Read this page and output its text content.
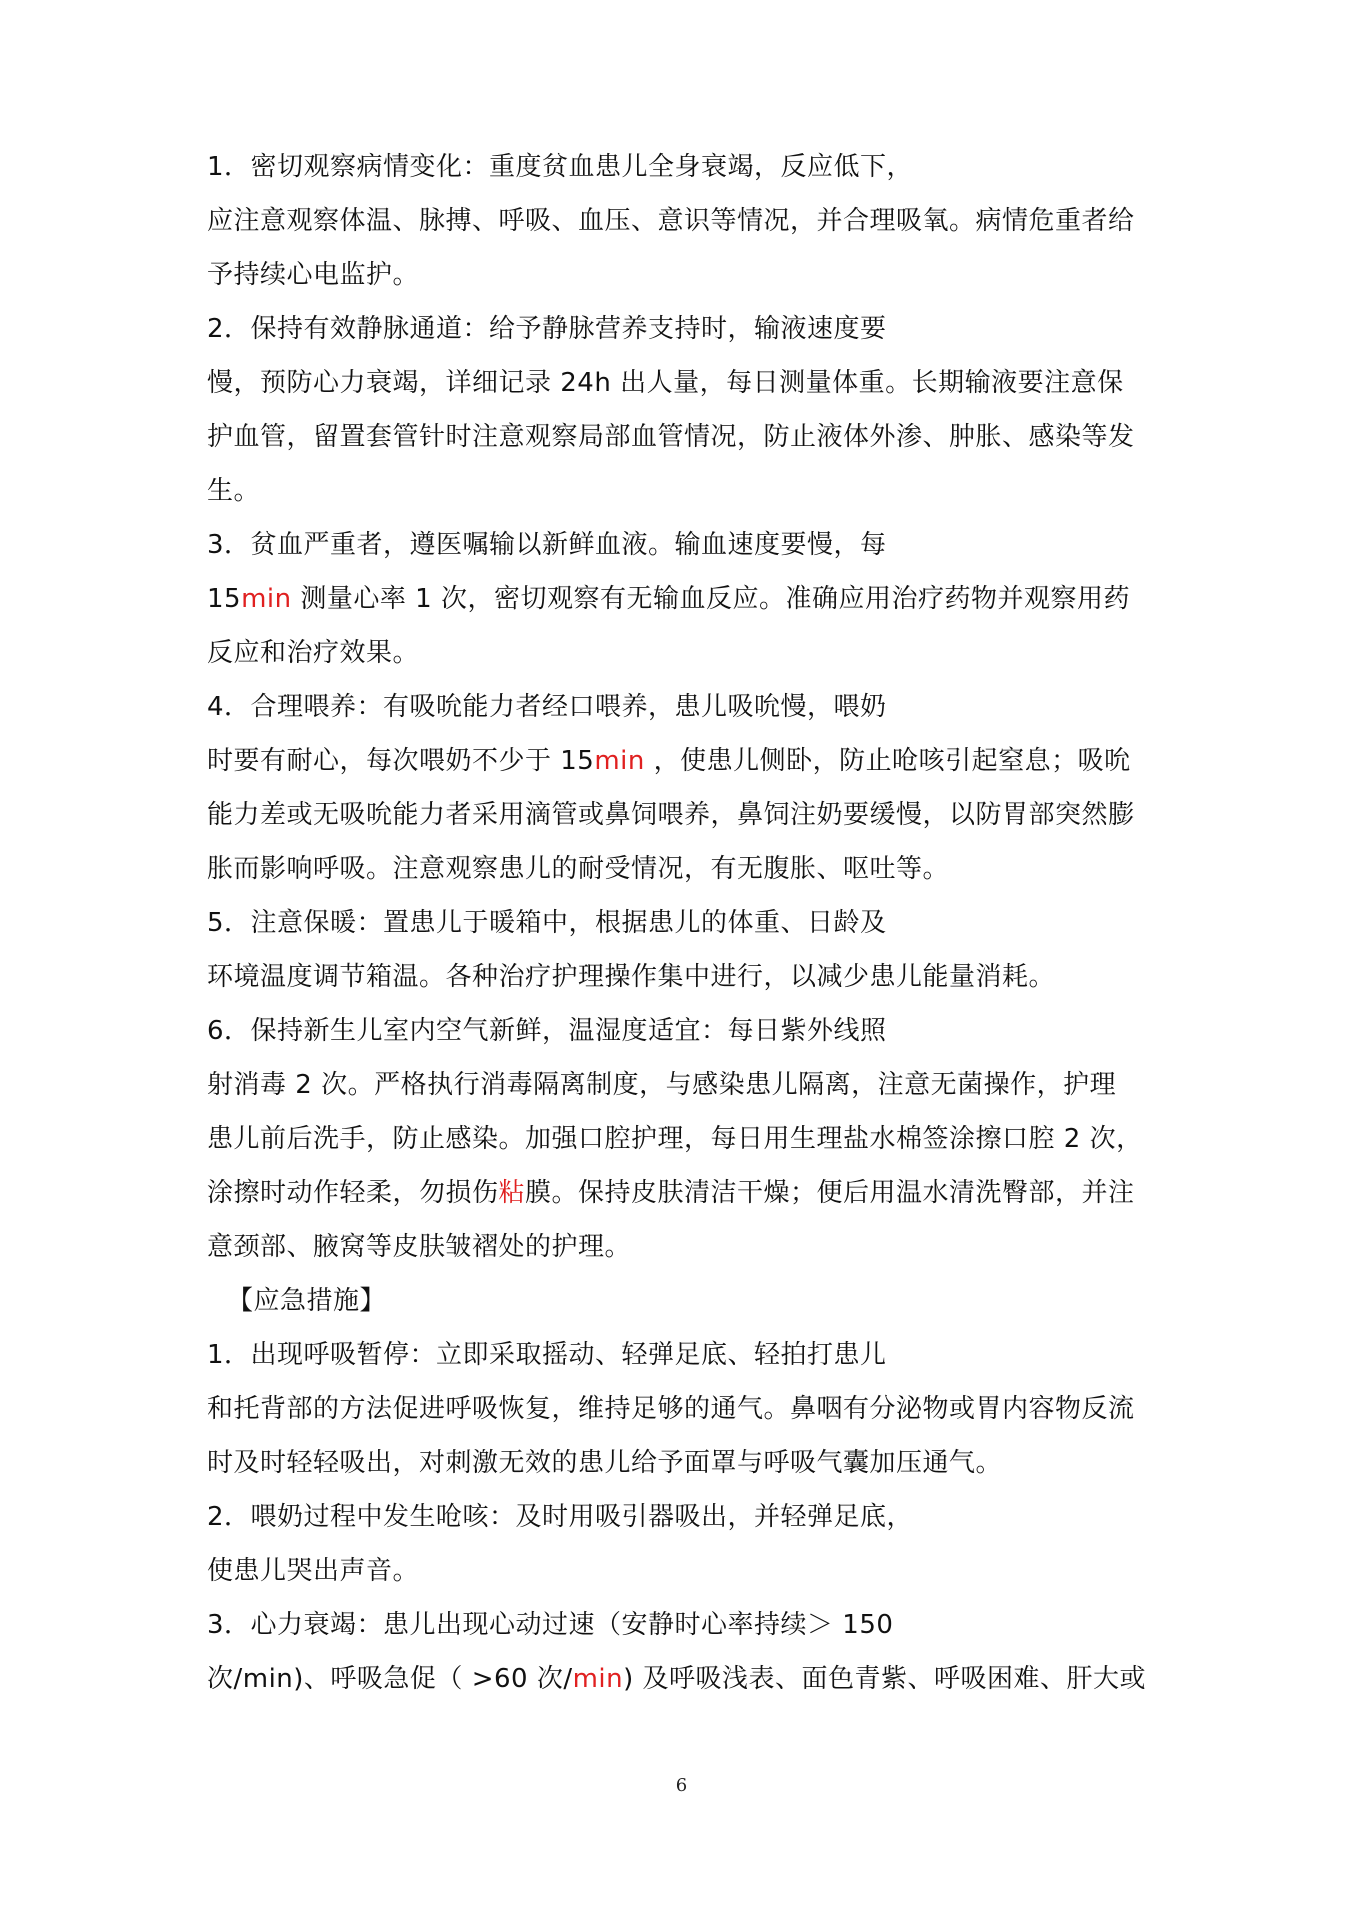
1．密切观察病情变化：重度贫血患儿全身衰竭，反应低下，
应注意观察体温、脉搏、呼吸、血压、意识等情况，并合理吸氧。病情危重者给
予持续心电监护。
2．保持有效静脉通道：给予静脉营养支持时，输液速度要
慢，预防心力衰竭，详细记录 24h 出人量，每日测量体重。长期输液要注意保
护血管，留置套管针时注意观察局部血管情况，防止液体外渗、肿胀、感染等发
生。
3．贫血严重者，遵医嘱输以新鲜血液。输血速度要慢，每
15min 测量心率 1 次，密切观察有无输血反应。准确应用治疗药物并观察用药
反应和治疗效果。
4．合理喂养：有吸吮能力者经口喂养，患儿吸吮慢，喂奶
时要有耐心，每次喂奶不少于 15min ，使患儿侧卧，防止呛咳引起窒息；吸吮
能力差或无吸吮能力者采用滴管或鼻饲喂养，鼻饲注奶要缓慢，以防胃部突然膨
胀而影响呼吸。注意观察患儿的耐受情况，有无腹胀、呕吐等。
5．注意保暖：置患儿于暖箱中，根据患儿的体重、日龄及
环境温度调节箱温。各种治疗护理操作集中进行，以减少患儿能量消耗。
6．保持新生儿室内空气新鲜，温湿度适宜：每日紫外线照
射消毒 2 次。严格执行消毒隔离制度，与感染患儿隔离，注意无菌操作，护理
患儿前后洗手，防止感染。加强口腔护理，每日用生理盐水棉签涂擦口腔 2 次，
涂擦时动作轻柔，勿损伤粘膜。保持皮肤清洁干燥；便后用温水清洗臀部，并注
意颈部、腋窝等皮肤皱褶处的护理。
【应急措施】
1．出现呼吸暂停：立即采取摇动、轻弹足底、轻拍打患儿
和托背部的方法促进呼吸恢复，维持足够的通气。鼻咽有分泌物或胃内容物反流
时及时轻轻吸出，对刺激无效的患儿给予面罩与呼吸气囊加压通气。
2．喂奶过程中发生呛咳：及时用吸引器吸出，并轻弹足底，
使患儿哭出声音。
3．心力衰竭：患儿出现心动过速（安静时心率持续＞ 150
次/min)、呼吸急促（ >60 次/min) 及呼吸浅表、面色青紫、呼吸困难、肝大或
6
